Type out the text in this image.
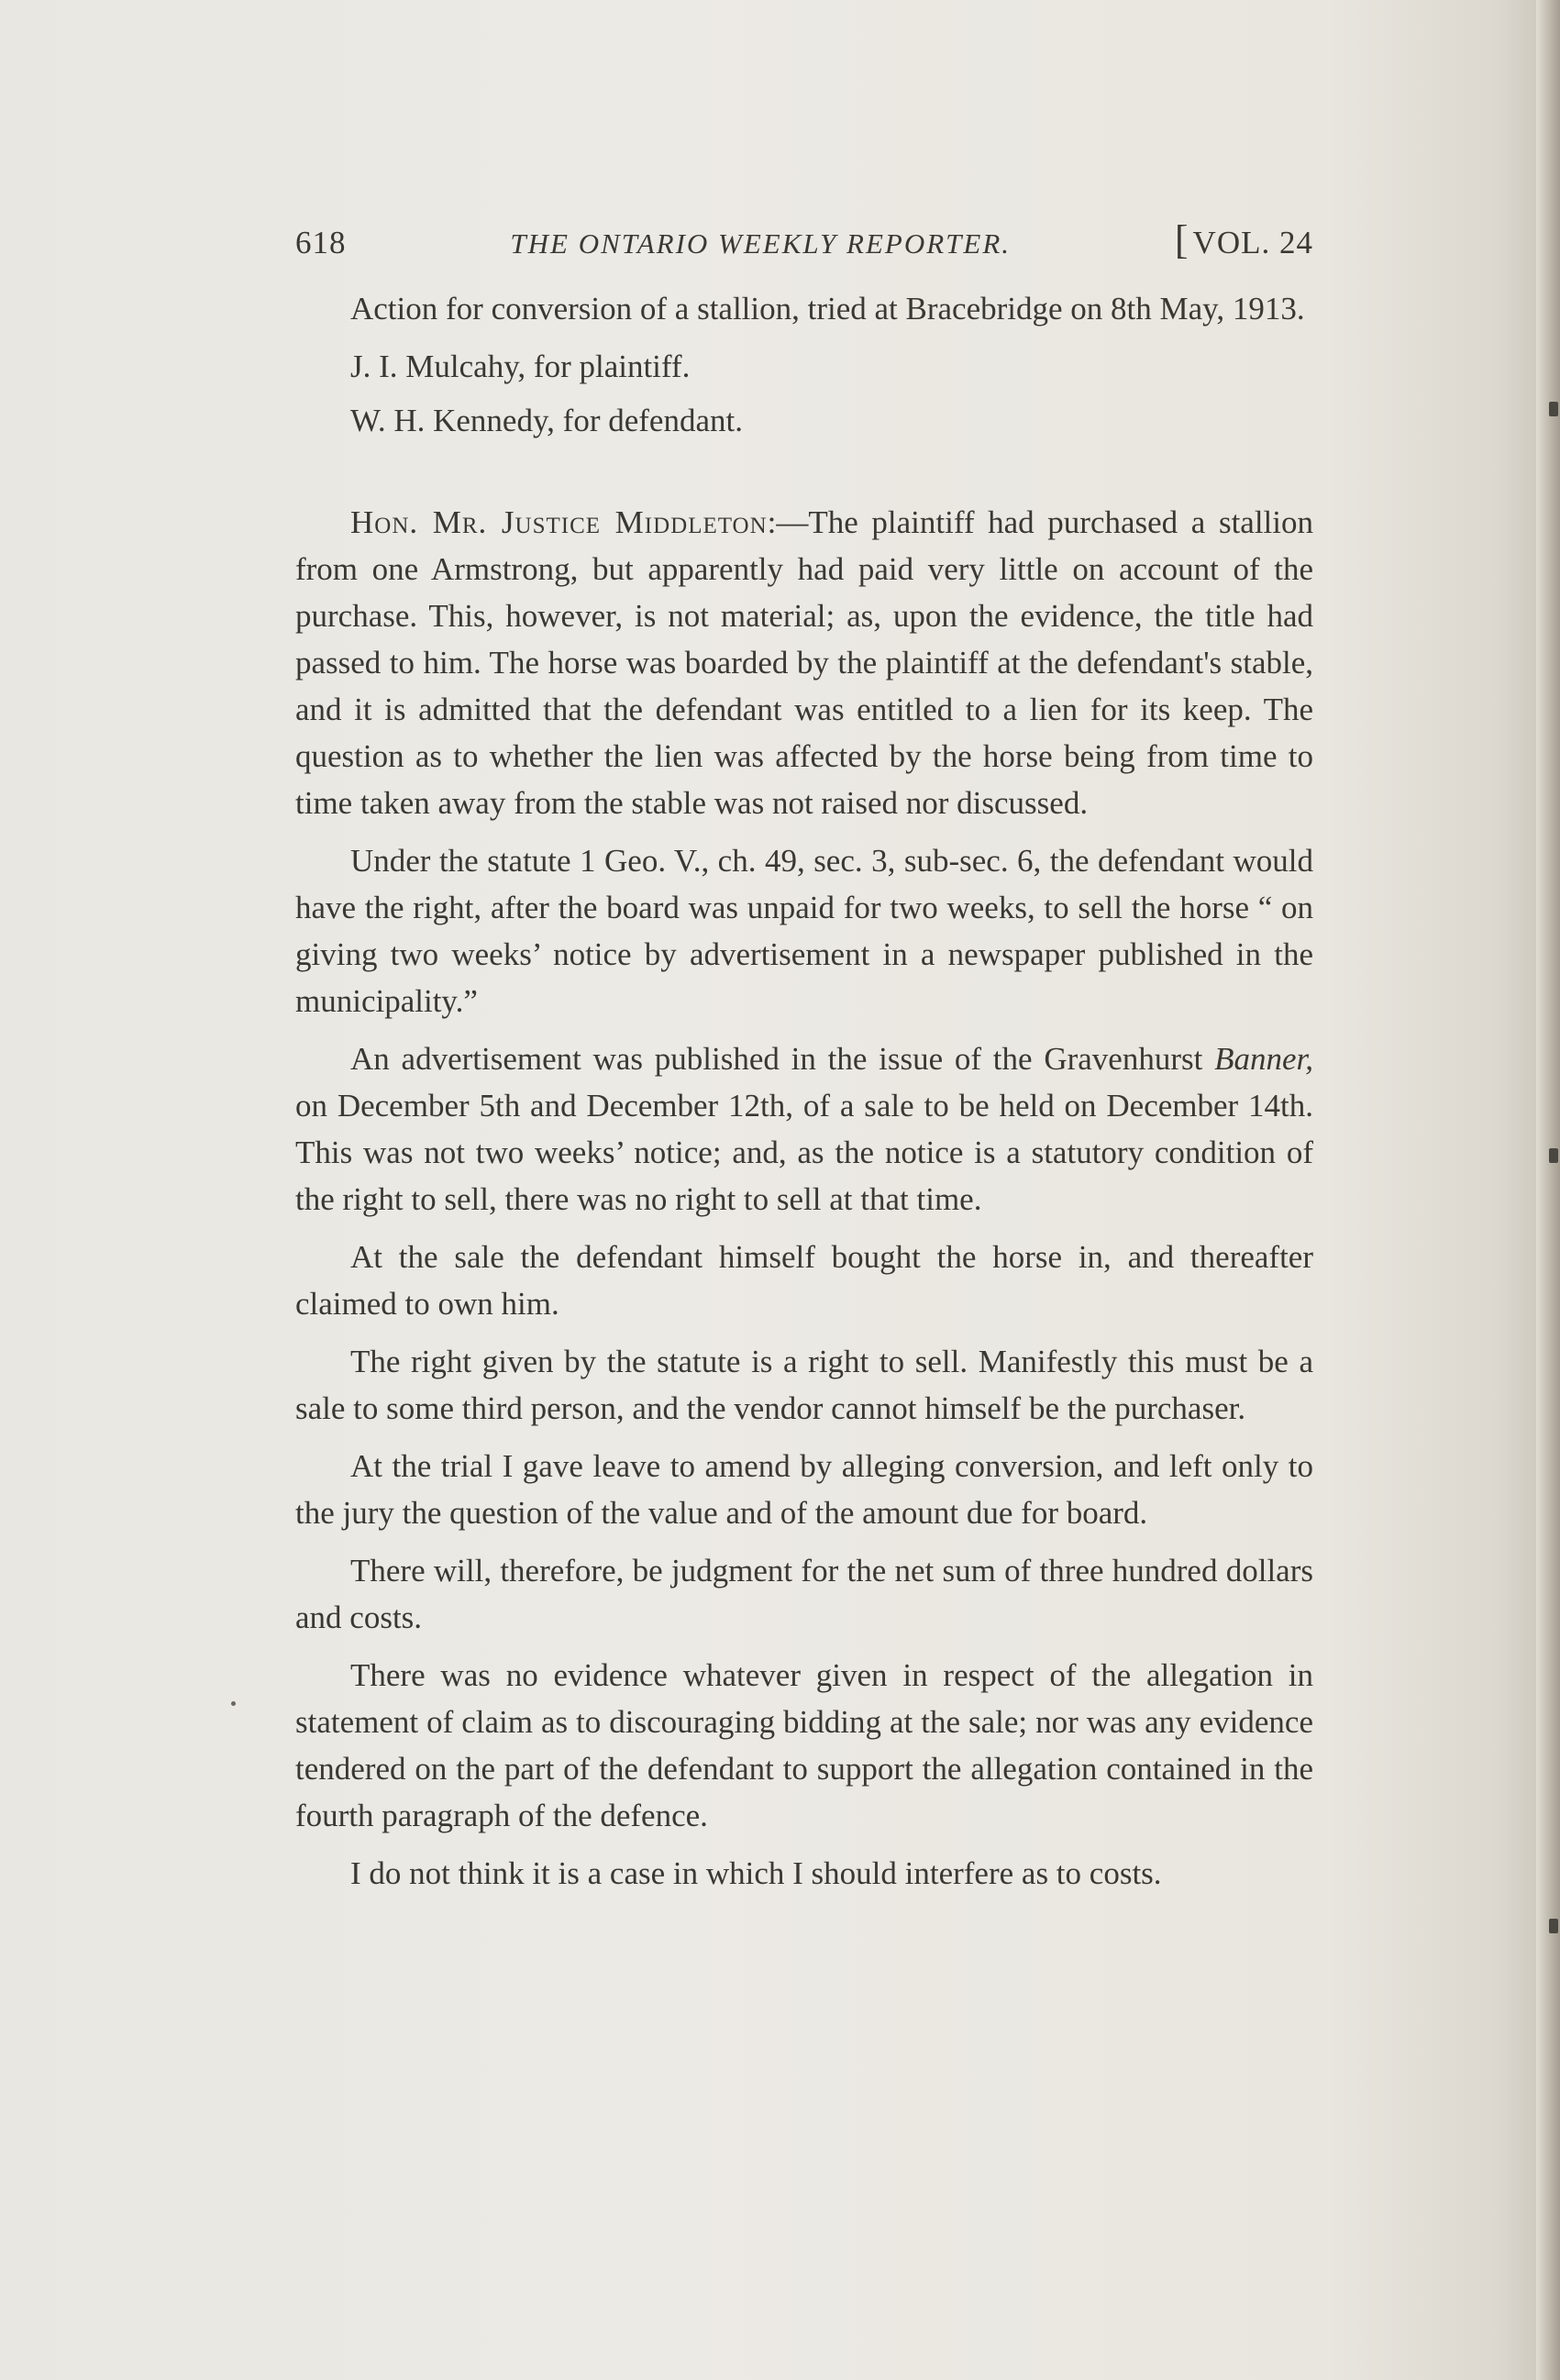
618	THE ONTARIO WEEKLY REPORTER.	[ VOL. 24

Action for conversion of a stallion, tried at Bracebridge on 8th May, 1913.

J. I. Mulcahy, for plaintiff.

W. H. Kennedy, for defendant.

Hon. Mr. Justice Middleton:—The plaintiff had purchased a stallion from one Armstrong, but apparently had paid very little on account of the purchase. This, however, is not material; as, upon the evidence, the title had passed to him. The horse was boarded by the plaintiff at the defendant's stable, and it is admitted that the defendant was entitled to a lien for its keep. The question as to whether the lien was affected by the horse being from time to time taken away from the stable was not raised nor discussed.

Under the statute 1 Geo. V., ch. 49, sec. 3, sub-sec. 6, the defendant would have the right, after the board was unpaid for two weeks, to sell the horse “ on giving two weeks’ notice by advertisement in a newspaper published in the municipality.”

An advertisement was published in the issue of the Gravenhurst Banner, on December 5th and December 12th, of a sale to be held on December 14th. This was not two weeks’ notice; and, as the notice is a statutory condition of the right to sell, there was no right to sell at that time.

At the sale the defendant himself bought the horse in, and thereafter claimed to own him.

The right given by the statute is a right to sell. Manifestly this must be a sale to some third person, and the vendor cannot himself be the purchaser.

At the trial I gave leave to amend by alleging conversion, and left only to the jury the question of the value and of the amount due for board.

There will, therefore, be judgment for the net sum of three hundred dollars and costs.

There was no evidence whatever given in respect of the allegation in statement of claim as to discouraging bidding at the sale; nor was any evidence tendered on the part of the defendant to support the allegation contained in the fourth paragraph of the defence.

I do not think it is a case in which I should interfere as to costs.
